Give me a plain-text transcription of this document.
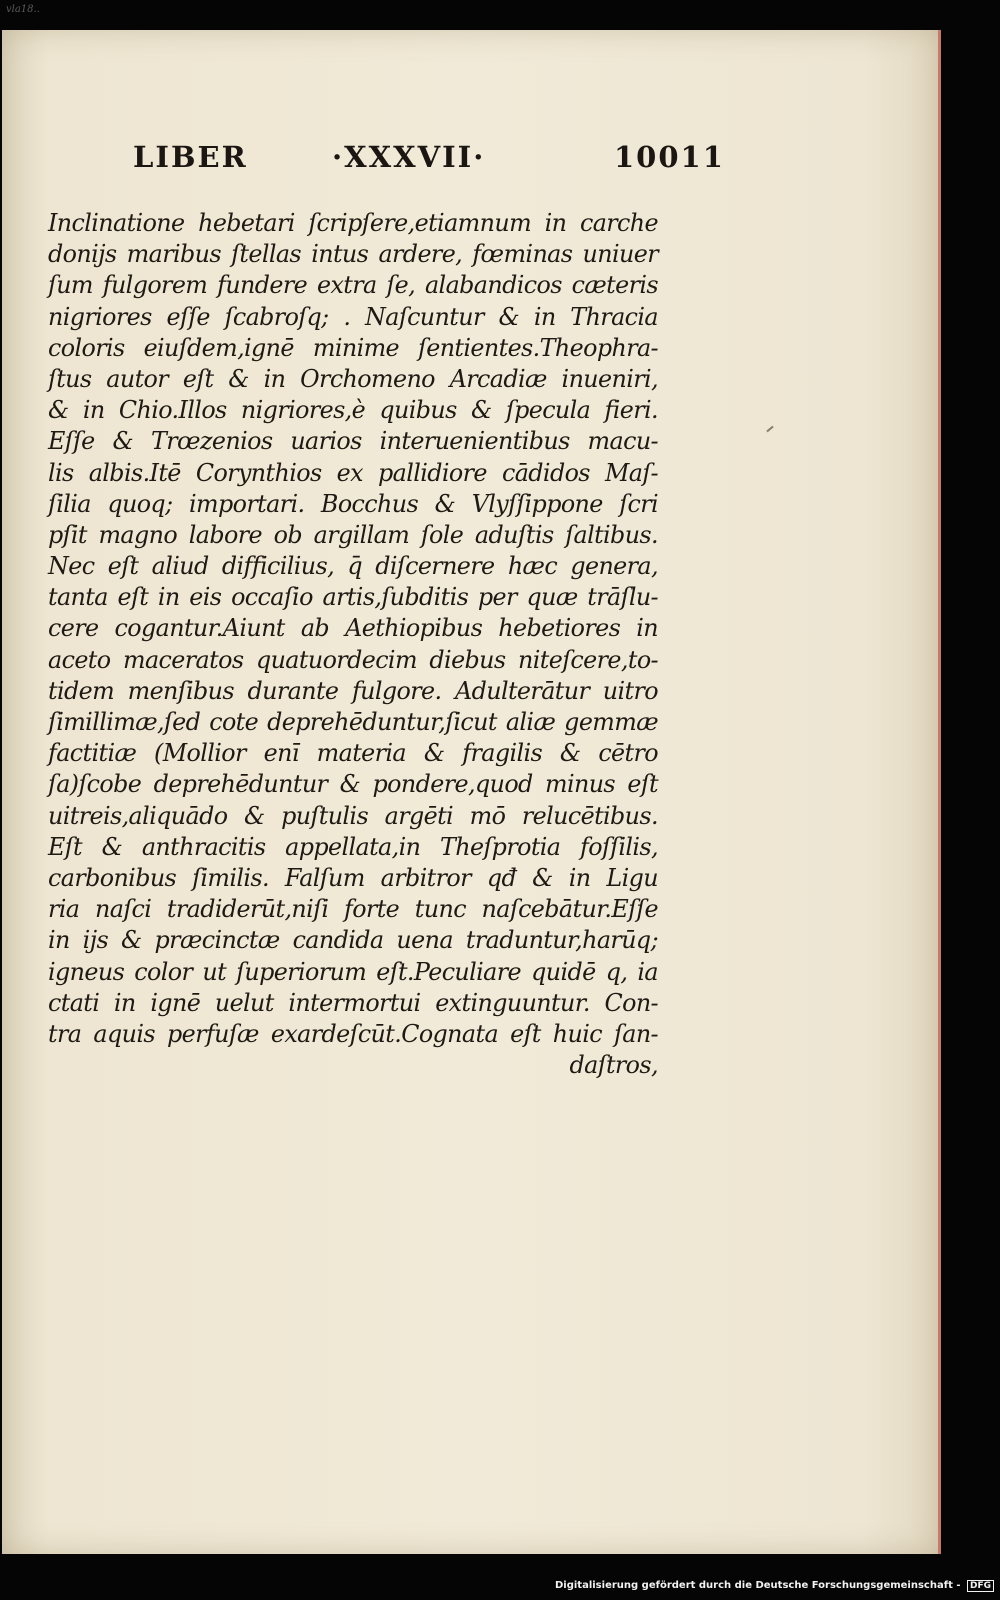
vla18..
LIBER	·XXXVII·	10011
Inclinatione hebetari ſcripſere,etiamnum in carche
donijs maribus ſtellas intus ardere, fœminas uniuer
ſum fulgorem fundere extra ſe, alabandicos cæteris
nigriores eſſe ſcabroſq; . Naſcuntur & in Thracia
coloris eiuſdem,ignē minime ſentientes.Theophra-
ſtus autor eſt & in Orchomeno Arcadiæ inueniri,
& in Chio.Illos nigriores,è quibus & ſpecula fieri.
Eſſe & Trœzenios uarios interuenientibus macu-
lis albis.Itē Corynthios ex pallidiore cādidos Maſ-
ſilia quoq; importari. Bocchus & Vlyſſippone ſcri
pſit magno labore ob argillam ſole aduſtis ſaltibus.
Nec eſt aliud difficilius, q̄ diſcernere hæc genera,
tanta eſt in eis occaſio artis,ſubditis per quæ trāſlu-
cere cogantur.Aiunt ab Aethiopibus hebetiores in
aceto maceratos quatuordecim diebus niteſcere,to-
tidem menſibus durante fulgore. Adulterātur uitro
ſimillimæ,ſed cote deprehēduntur,ſicut aliæ gemmæ
factitiæ (Mollior enī materia & fragilis & cētro
ſa)ſcobe deprehēduntur & pondere,quod minus eſt
uitreis,aliquādo & puſtulis argēti mō relucētibus.
Eſt & anthracitis appellata,in Theſprotia foſſilis,
carbonibus ſimilis. Falſum arbitror qđ & in Ligu
ria naſci tradiderūt,niſi forte tunc naſcebātur.Eſſe
in ijs & præcinctæ candida uena traduntur,harūq;
igneus color ut ſuperiorum eſt.Peculiare quidē q, ia
ctati in ignē uelut intermortui extinguuntur. Con-
tra aquis perfuſæ exardeſcūt.Cognata eſt huic ſan-
daſtros,
Digitalisierung gefördert durch die Deutsche Forschungsgemeinschaft - DFG
